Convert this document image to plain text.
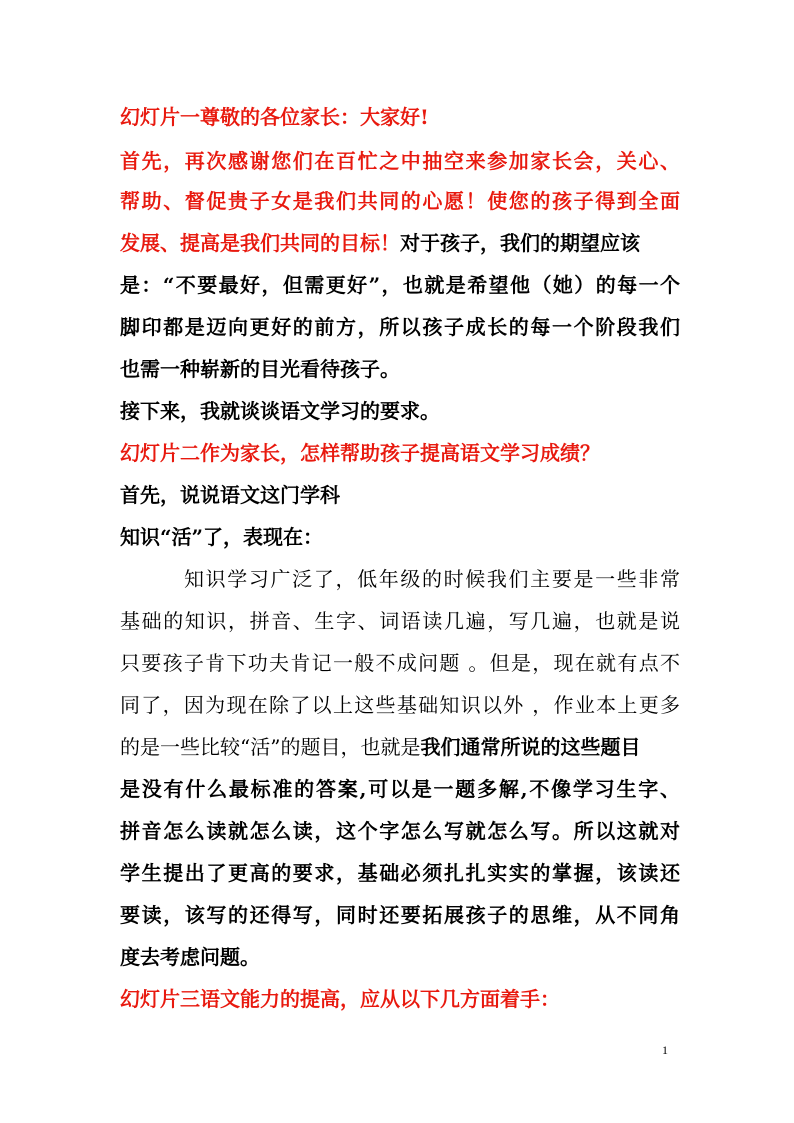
幻灯片一尊敬的各位家长：大家好!
首先，再次感谢您们在百忙之中抽空来参加家长会，关心、
帮助、督促贵子女是我们共同的心愿！使您的孩子得到全面
发展、提高是我们共同的目标！对于孩子，我们的期望应该
是：“不要最好，但需更好”，也就是希望他（她）的每一个
脚印都是迈向更好的前方，所以孩子成长的每一个阶段我们
也需一种崭新的目光看待孩子。
接下来，我就谈谈语文学习的要求。
幻灯片二作为家长，怎样帮助孩子提高语文学习成绩？
首先，说说语文这门学科
知识“活”了，表现在：
知识学习广泛了，低年级的时候我们主要是一些非常
基础的知识，拼音、生字、词语读几遍，写几遍，也就是说
只要孩子肯下功夫肯记一般不成问题 。但是，现在就有点不
同了，因为现在除了以上这些基础知识以外 ，作业本上更多
的是一些比较“活”的题目，也就是我们通常所说的这些题目
是没有什么最标准的答案,可以是一题多解,不像学习生字、
拼音怎么读就怎么读，这个字怎么写就怎么写。所以这就对
学生提出了更高的要求，基础必须扎扎实实的掌握，该读还
要读，该写的还得写，同时还要拓展孩子的思维，从不同角
度去考虑问题。
幻灯片三语文能力的提高，应从以下几方面着手：
1
